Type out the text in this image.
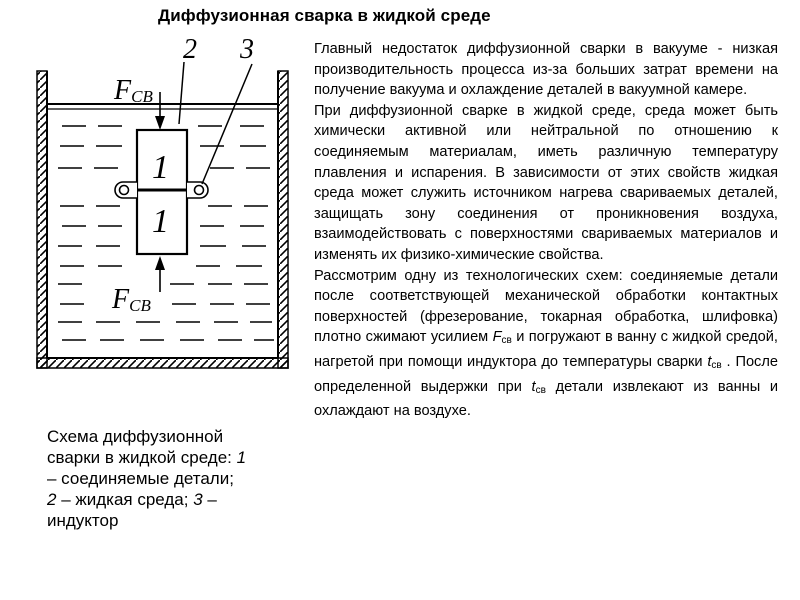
Диффузионная сварка в жидкой среде
2 3
1
1
FСВ
FСВ
Схема диффузионной
сварки в жидкой среде: 1
– соединяемые детали;
2 – жидкая среда; 3 –
индуктор

Главный недостаток диффузионной сварки в вакууме - низкая производительность процесса из-за больших затрат времени на получение вакуума и охлаждение деталей в вакуумной камере.

При диффузионной сварке в жидкой среде, среда может быть химически активной или нейтральной по отношению к соединяемым материалам, иметь различную температуру плавления и испарения. В зависимости от этих свойств жидкая среда может служить источником нагрева свариваемых деталей, защищать зону соединения от проникновения воздуха, взаимодействовать с поверхностями свариваемых материалов и изменять их физико-химические свойства.

Рассмотрим одну из технологических схем: соединяемые детали после соответствующей механической обработки контактных поверхностей (фрезерование, токарная обработка, шлифовка) плотно сжимают усилием $F_{св}$ и погружают в ванну с жидкой средой, нагретой при помощи индуктора до температуры сварки $t_{св}$ . После определенной выдержки при $t_{св}$ детали извлекают из ванны и охлаждают на воздухе.
